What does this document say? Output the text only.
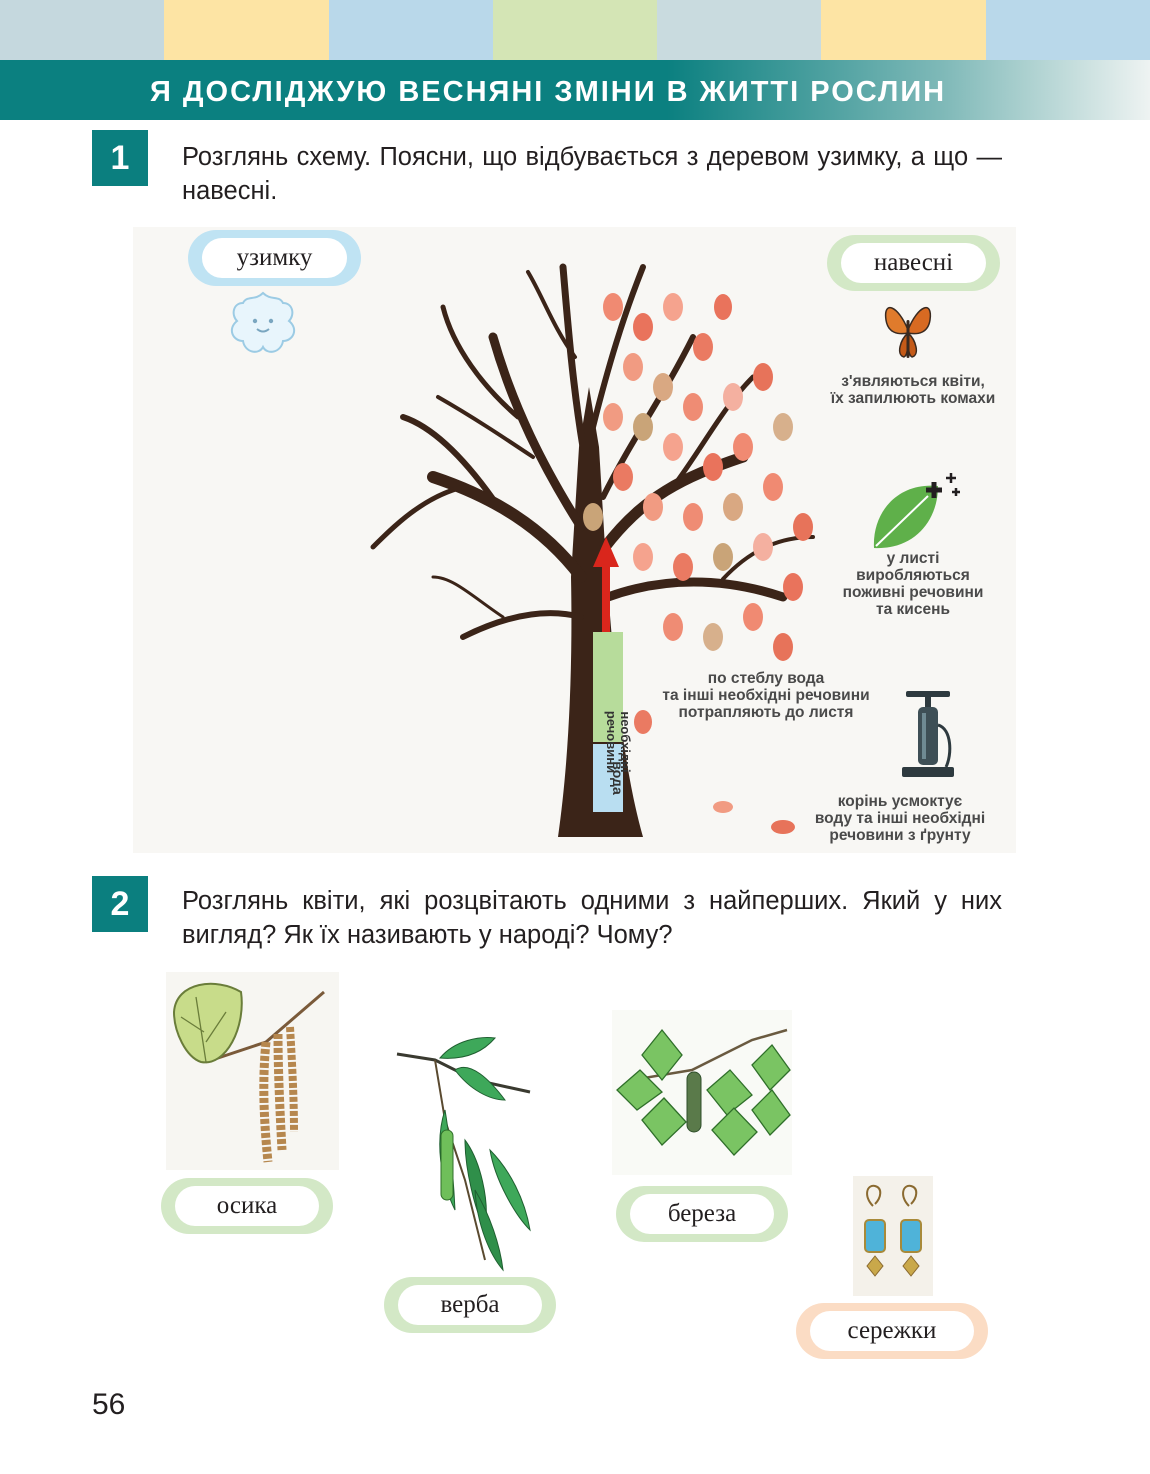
Я ДОСЛІДЖУЮ ВЕСНЯНІ ЗМІНИ В ЖИТТІ РОСЛИН
1	Розглянь схему. Поясни, що відбувається з деревом узимку, а що — навесні.
узимку	навесні
необхідні
речовини
вода
з'являються квіти,
їх запилюють комахи
у листі
виробляються
поживні речовини
та кисень
по стеблу вода
та інші необхідні речовини
потрапляють до листя
корінь усмоктує
воду та інші необхідні
речовини з ґрунту
2	Розглянь квіти, які розцвітають одними з найперших. Який у них вигляд? Як їх називають у народі? Чому?
осика
верба
береза
сережки
56
